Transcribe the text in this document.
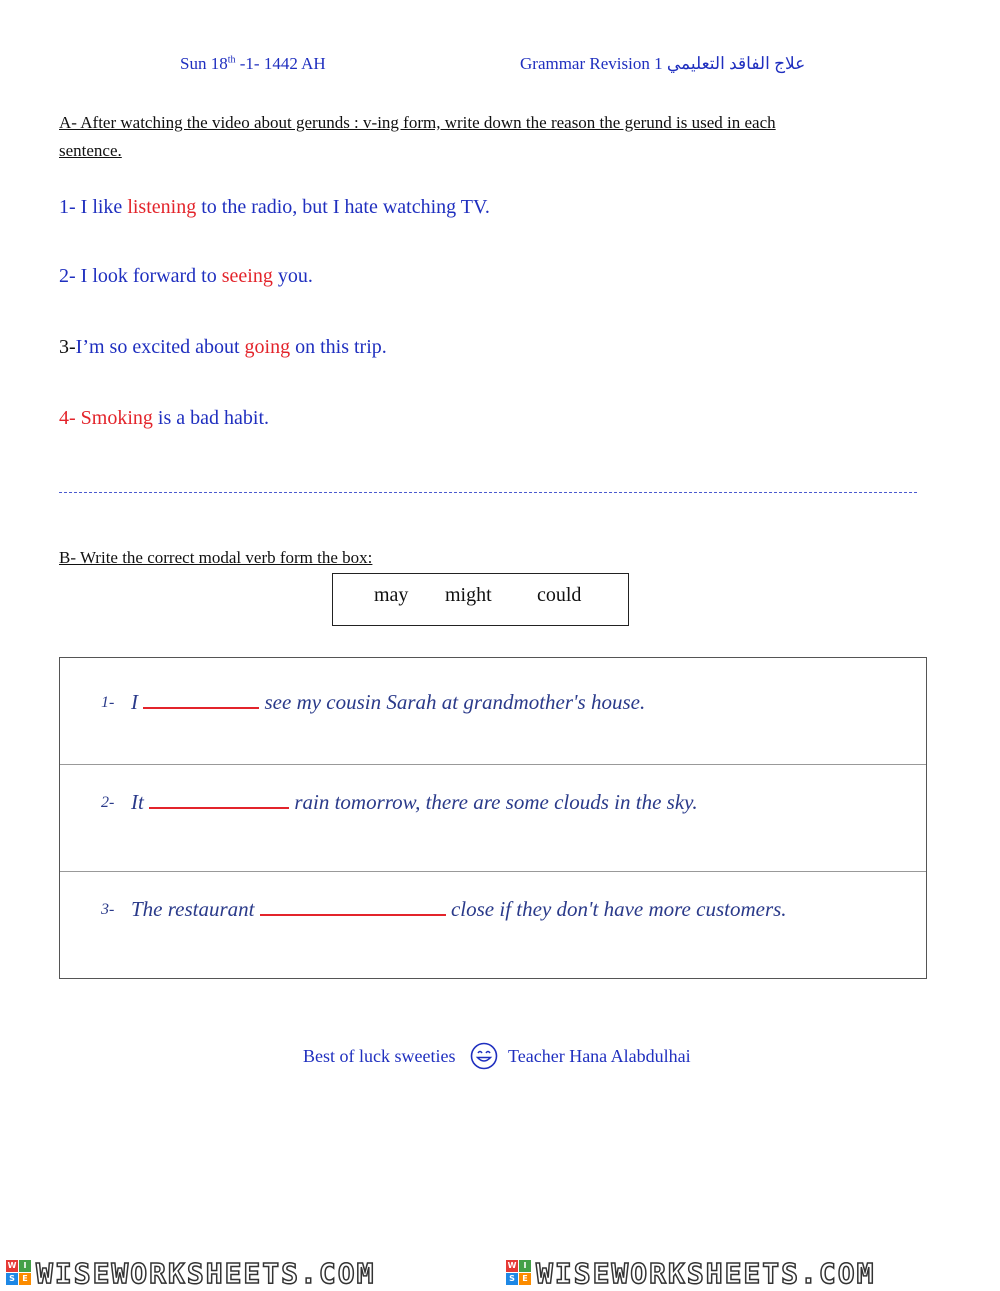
Sun 18th -1- 1442 AH	Grammar Revision 1 علاج الفاقد التعليمي
A- After watching the video about gerunds : v-ing form, write down the reason the gerund is used in each
sentence.
1- I like listening to the radio, but I hate watching TV.
2- I look forward to seeing you.
3-I’m so excited about going on this trip.
4- Smoking is a bad habit.
B- Write the correct modal verb form the box:
may might could
1- I	see my cousin Sarah at grandmother's house.
2- It	rain tomorrow, there are some clouds in the sky.
3- The restaurant	close if they don't have more customers.
Best of luck sweeties	Teacher Hana Alabdulhai
W I
S E WISEWORKSHEETS.COM	W I
S E WISEWORKSHEETS.COM
